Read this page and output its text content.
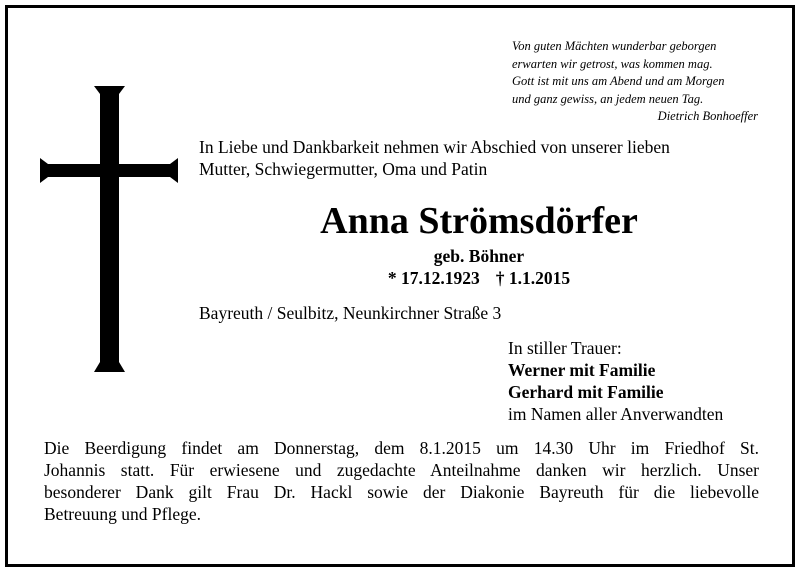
Von guten Mächten wunderbar geborgen
erwarten wir getrost, was kommen mag.
Gott ist mit uns am Abend und am Morgen
und ganz gewiss, an jedem neuen Tag.
Dietrich Bonhoeffer
In Liebe und Dankbarkeit nehmen wir Abschied von unserer lieben
Mutter, Schwiegermutter, Oma und Patin
Anna Strömsdörfer
geb. Böhner
* 17.12.1923 † 1.1.2015
Bayreuth / Seulbitz, Neunkirchner Straße 3
In stiller Trauer:
Werner mit Familie
Gerhard mit Familie
im Namen aller Anverwandten
Die Beerdigung findet am Donnerstag, dem 8.1.2015 um 14.30 Uhr im Friedhof St.
Johannis statt. Für erwiesene und zugedachte Anteilnahme danken wir herzlich. Unser
besonderer Dank gilt Frau Dr. Hackl sowie der Diakonie Bayreuth für die liebevolle
Betreuung und Pflege.
